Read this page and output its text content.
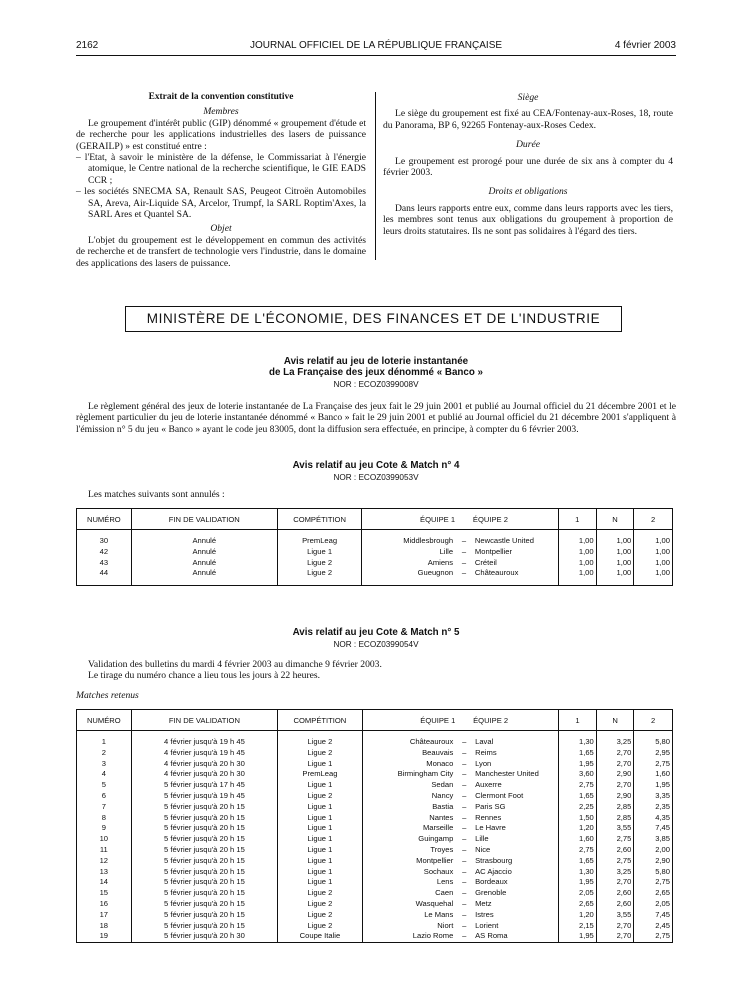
2162	JOURNAL OFFICIEL DE LA RÉPUBLIQUE FRANÇAISE	4 février 2003

Extrait de la convention constitutive

Membres

Le groupement d'intérêt public (GIP) dénommé « groupement d'étude et de recherche pour les applications industrielles des lasers de puissance (GERAILP) » est constitué entre :

– l'Etat, à savoir le ministère de la défense, le Commissariat à l'énergie atomique, le Centre national de la recherche scientifique, le GIE EADS CCR ;

– les sociétés SNECMA SA, Renault SAS, Peugeot Citroën Automobiles SA, Areva, Air-Liquide SA, Arcelor, Trumpf, la SARL Roptim'Axes, la SARL Ares et Quantel SA.

Objet

L'objet du groupement est le développement en commun des activités de recherche et de transfert de technologie vers l'industrie, dans le domaine des applications des lasers de puissance.

Siège

Le siège du groupement est fixé au CEA/Fontenay-aux-Roses, 18, route du Panorama, BP 6, 92265 Fontenay-aux-Roses Cedex.

Durée

Le groupement est prorogé pour une durée de six ans à compter du 4 février 2003.

Droits et obligations

Dans leurs rapports entre eux, comme dans leurs rapports avec les tiers, les membres sont tenus aux obligations du groupement à proportion de leurs droits statutaires. Ils ne sont pas solidaires à l'égard des tiers.

MINISTÈRE DE L'ÉCONOMIE, DES FINANCES ET DE L'INDUSTRIE
Avis relatif au jeu de loterie instantanée
de La Française des jeux dénommé « Banco »
NOR : ECOZ0399008V

Le règlement général des jeux de loterie instantanée de La Française des jeux fait le 29 juin 2001 et publié au Journal officiel du 21 décembre 2001 et le règlement particulier du jeu de loterie instantanée dénommé « Banco » fait le 29 juin 2001 et publié au Journal officiel du 21 décembre 2001 s'appliquent à l'émission n° 5 du jeu « Banco » ayant le code jeu 83005, dont la diffusion sera effectuée, en principe, à compter du 6 février 2003.

Avis relatif au jeu Cote & Match n° 4
NOR : ECOZ0399053V

Les matches suivants sont annulés :

NUMÉRO	FIN DE VALIDATION	COMPÉTITION	ÉQUIPE 1		ÉQUIPE 2	1	N	2

30	Annulé	PremLeag	Middlesbrough	–	Newcastle United	1,00	1,00	1,00
42	Annulé	Ligue 1	Lille	–	Montpellier	1,00	1,00	1,00
43	Annulé	Ligue 2	Amiens	–	Créteil	1,00	1,00	1,00
44	Annulé	Ligue 2	Gueugnon	–	Châteauroux	1,00	1,00	1,00

Avis relatif au jeu Cote & Match n° 5
NOR : ECOZ0399054V

Validation des bulletins du mardi 4 février 2003 au dimanche 9 février 2003.

Le tirage du numéro chance a lieu tous les jours à 22 heures.

Matches retenus
NUMÉRO	FIN DE VALIDATION	COMPÉTITION	ÉQUIPE 1		ÉQUIPE 2	1	N	2

1	4 février jusqu'à 19 h 45	Ligue 2	Châteauroux	–	Laval	1,30	3,25	5,80
2	4 février jusqu'à 19 h 45	Ligue 2	Beauvais	–	Reims	1,65	2,70	2,95
3	4 février jusqu'à 20 h 30	Ligue 1	Monaco	–	Lyon	1,95	2,70	2,75
4	4 février jusqu'à 20 h 30	PremLeag	Birmingham City	–	Manchester United	3,60	2,90	1,60
5	5 février jusqu'à 17 h 45	Ligue 1	Sedan	–	Auxerre	2,75	2,70	1,95
6	5 février jusqu'à 19 h 45	Ligue 2	Nancy	–	Clermont Foot	1,65	2,90	3,35
7	5 février jusqu'à 20 h 15	Ligue 1	Bastia	–	Paris SG	2,25	2,85	2,35
8	5 février jusqu'à 20 h 15	Ligue 1	Nantes	–	Rennes	1,50	2,85	4,35
9	5 février jusqu'à 20 h 15	Ligue 1	Marseille	–	Le Havre	1,20	3,55	7,45
10	5 février jusqu'à 20 h 15	Ligue 1	Guingamp	–	Lille	1,60	2,75	3,85
11	5 février jusqu'à 20 h 15	Ligue 1	Troyes	–	Nice	2,75	2,60	2,00
12	5 février jusqu'à 20 h 15	Ligue 1	Montpellier	–	Strasbourg	1,65	2,75	2,90
13	5 février jusqu'à 20 h 15	Ligue 1	Sochaux	–	AC Ajaccio	1,30	3,25	5,80
14	5 février jusqu'à 20 h 15	Ligue 1	Lens	–	Bordeaux	1,95	2,70	2,75
15	5 février jusqu'à 20 h 15	Ligue 2	Caen	–	Grenoble	2,05	2,60	2,65
16	5 février jusqu'à 20 h 15	Ligue 2	Wasquehal	–	Metz	2,65	2,60	2,05
17	5 février jusqu'à 20 h 15	Ligue 2	Le Mans	–	Istres	1,20	3,55	7,45
18	5 février jusqu'à 20 h 15	Ligue 2	Niort	–	Lorient	2,15	2,70	2,45
19	5 février jusqu'à 20 h 30	Coupe Italie	Lazio Rome	–	AS Roma	1,95	2,70	2,75
